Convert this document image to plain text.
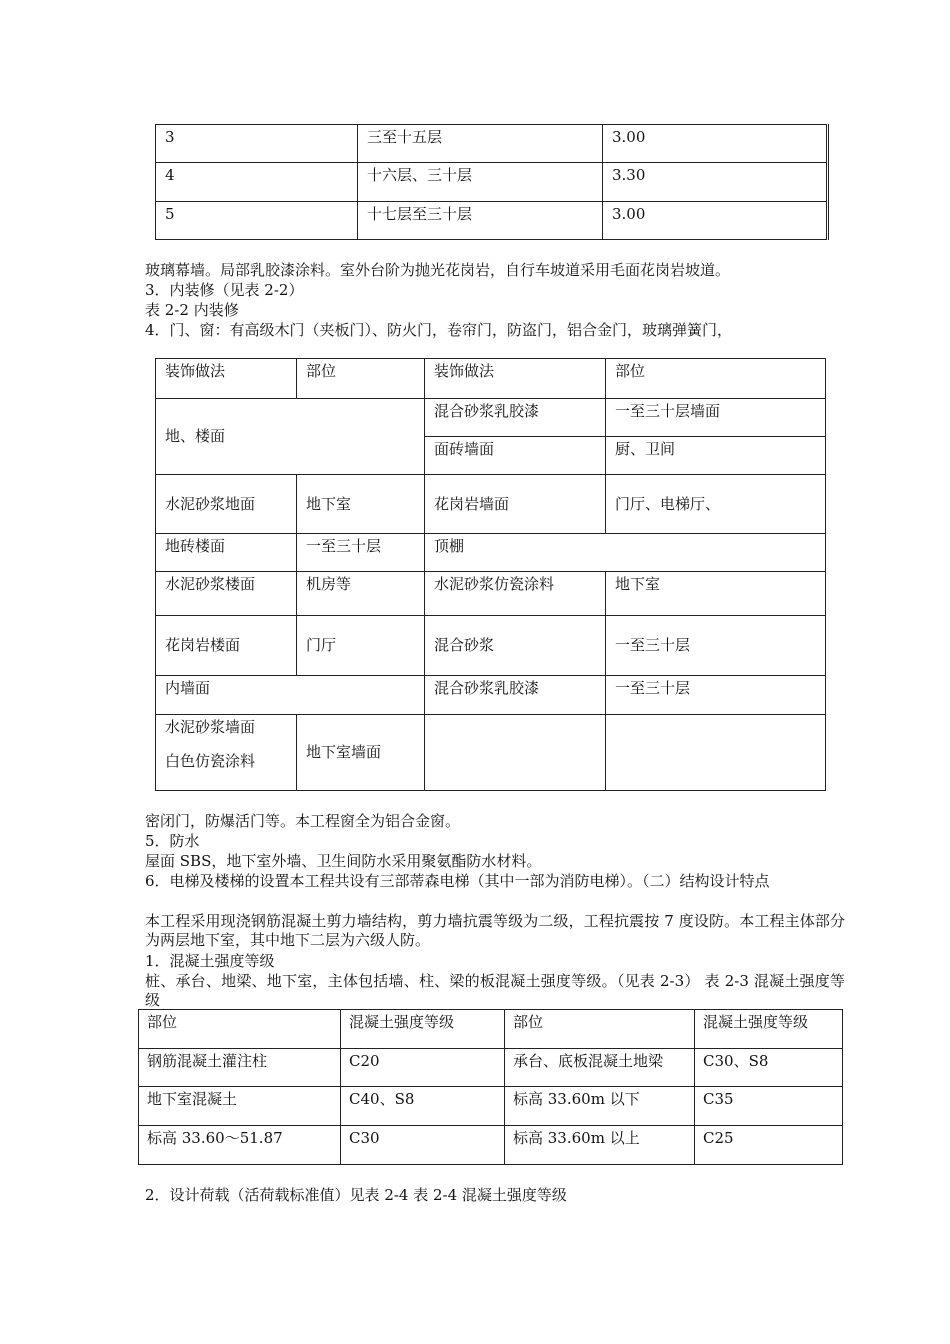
3	三至十五层	3.00
4	十六层、三十层	3.30
5	十七层至三十层	3.00

玻璃幕墙。局部乳胶漆涂料。室外台阶为抛光花岗岩，自行车坡道采用毛面花岗岩坡道。

3．内装修（见表 2-2）

表 2-2 内装修

4．门、窗：有高级木门（夹板门）、防火门，卷帘门，防盗门，铝合金门，玻璃弹簧门，

装饰做法	部位	装饰做法	部位
地、楼面		混合砂浆乳胶漆	一至三十层墙面
		面砖墙面	厨、卫间
水泥砂浆地面	地下室	花岗岩墙面	门厅、电梯厅、
地砖楼面	一至三十层	顶棚	
水泥砂浆楼面	机房等	水泥砂浆仿瓷涂料	地下室
花岗岩楼面	门厅	混合砂浆	一至三十层
内墙面		混合砂浆乳胶漆	一至三十层
水泥砂浆墙面
白色仿瓷涂料	地下室墙面		

密闭门，防爆活门等。本工程窗全为铝合金窗。

5．防水

屋面 SBS，地下室外墙、卫生间防水采用聚氨酯防水材料。

6．电梯及楼梯的设置本工程共设有三部蒂森电梯（其中一部为消防电梯）。（二）结构设计特点

本工程采用现浇钢筋混凝土剪力墙结构，剪力墙抗震等级为二级，工程抗震按 7 度设防。本工程主体部分为两层地下室，其中地下二层为六级人防。

1．混凝土强度等级

桩、承台、地梁、地下室，主体包括墙、柱、梁的板混凝土强度等级。（见表 2-3） 表 2-3 混凝土强度等级

部位	混凝土强度等级	部位	混凝土强度等级
钢筋混凝土灌注柱	C20	承台、底板混凝土地梁	C30、S8
地下室混凝土	C40、S8	标高 33.60m 以下	C35
标高 33.60～51.87	C30	标高 33.60m 以上	C25

2．设计荷载（活荷载标准值）见表 2-4 表 2-4 混凝土强度等级
